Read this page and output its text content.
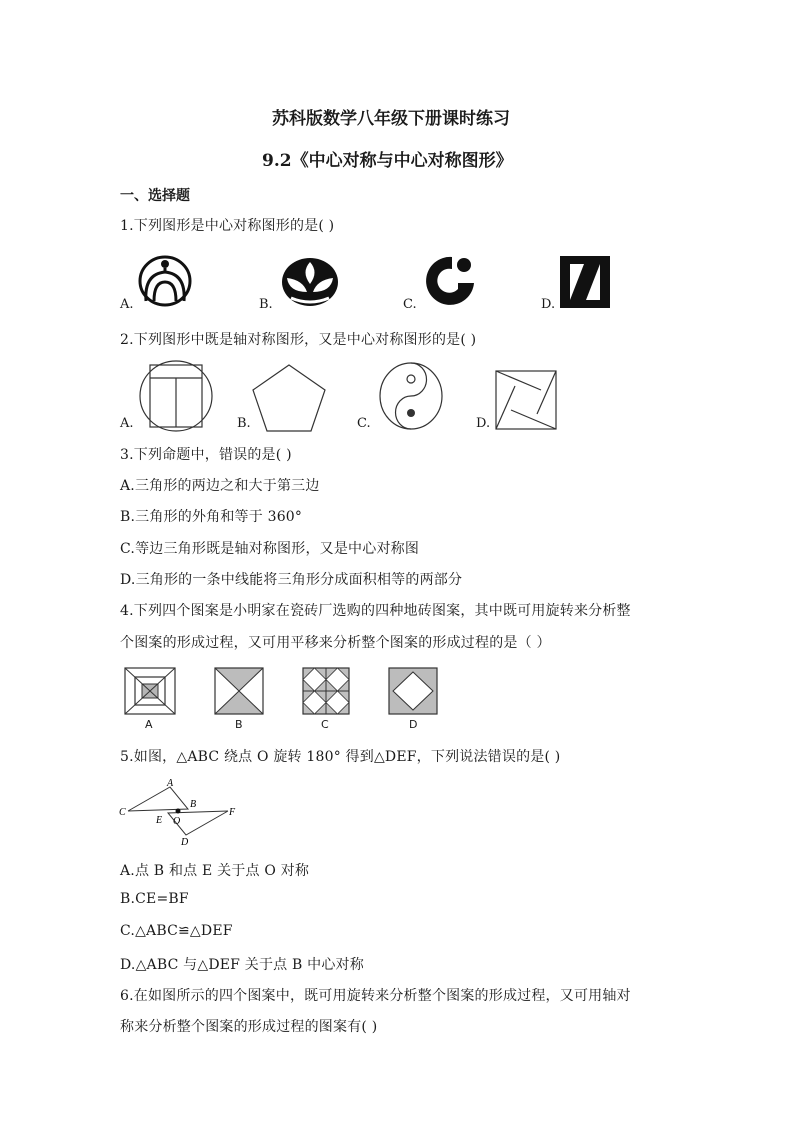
苏科版数学八年级下册课时练习
9.2《中心对称与中心对称图形》
一、选择题
1.下列图形是中心对称图形的是( )
A.	B.	C.	D.
2.下列图形中既是轴对称图形，又是中心对称图形的是( )
A.	B.	C.	D.
3.下列命题中，错误的是( )
A.三角形的两边之和大于第三边
B.三角形的外角和等于 360°
C.等边三角形既是轴对称图形，又是中心对称图
D.三角形的一条中线能将三角形分成面积相等的两部分
4.下列四个图案是小明家在瓷砖厂选购的四种地砖图案，其中既可用旋转来分析整
个图案的形成过程，又可用平移来分析整个图案的形成过程的是（ ）
A	B	C	D
5.如图，△ABC 绕点 O 旋转 180° 得到△DEF，下列说法错误的是( )
A
B
C
D
E
F
O
A.点 B 和点 E 关于点 O 对称
B.CE=BF
C.△ABC≌△DEF
D.△ABC 与△DEF 关于点 B 中心对称
6.在如图所示的四个图案中，既可用旋转来分析整个图案的形成过程，又可用轴对
称来分析整个图案的形成过程的图案有( )
